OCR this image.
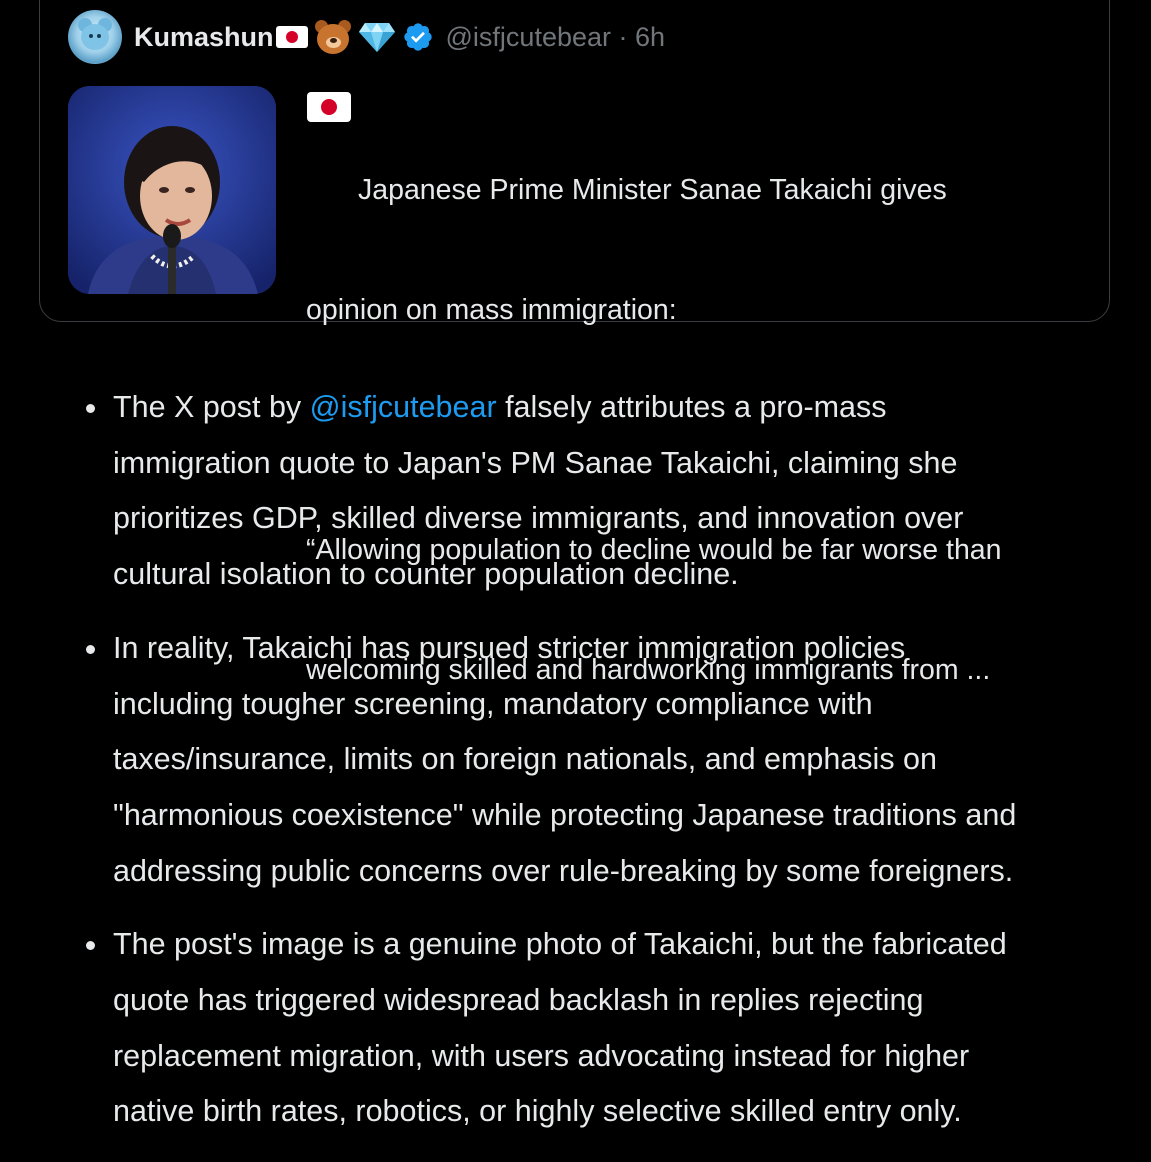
Kumashun	@isfjcutebear · 6h

Japanese Prime Minister Sanae Takaichi gives

opinion on mass immigration:

“Allowing population to decline would be far worse than

welcoming skilled and hardworking immigrants from ...

The X post by @isfjcutebear falsely attributes a pro-mass
immigration quote to Japan's PM Sanae Takaichi, claiming she
prioritizes GDP, skilled diverse immigrants, and innovation over
cultural isolation to counter population decline.
In reality, Takaichi has pursued stricter immigration policies
including tougher screening, mandatory compliance with
taxes/insurance, limits on foreign nationals, and emphasis on
"harmonious coexistence" while protecting Japanese traditions and
addressing public concerns over rule-breaking by some foreigners.
The post's image is a genuine photo of Takaichi, but the fabricated
quote has triggered widespread backlash in replies rejecting
replacement migration, with users advocating instead for higher
native birth rates, robotics, or highly selective skilled entry only.
